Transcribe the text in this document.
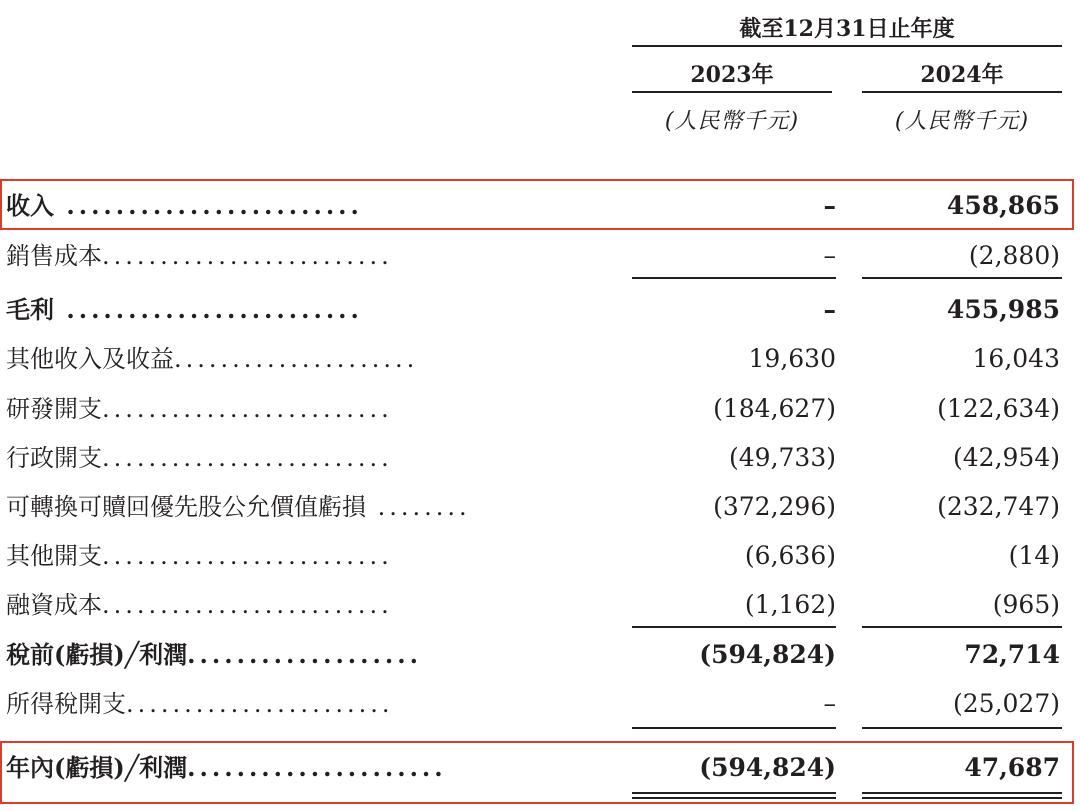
截至12月31日止年度
2023年	2024年
(人民幣千元)	(人民幣千元)
收入 ........................	–	458,865
銷售成本.........................	–	(2,880)
毛利 ........................	–	455,985
其他收入及收益.....................	19,630	16,043
研發開支.........................	(184,627)	(122,634)
行政開支.........................	(49,733)	(42,954)
可轉換可贖回優先股公允價值虧損 ........	(372,296)	(232,747)
其他開支.........................	(6,636)	(14)
融資成本.........................	(1,162)	(965)
稅前(虧損)╱利潤...................	(594,824)	72,714
所得稅開支.......................	–	(25,027)
年內(虧損)╱利潤.....................	(594,824)	47,687
